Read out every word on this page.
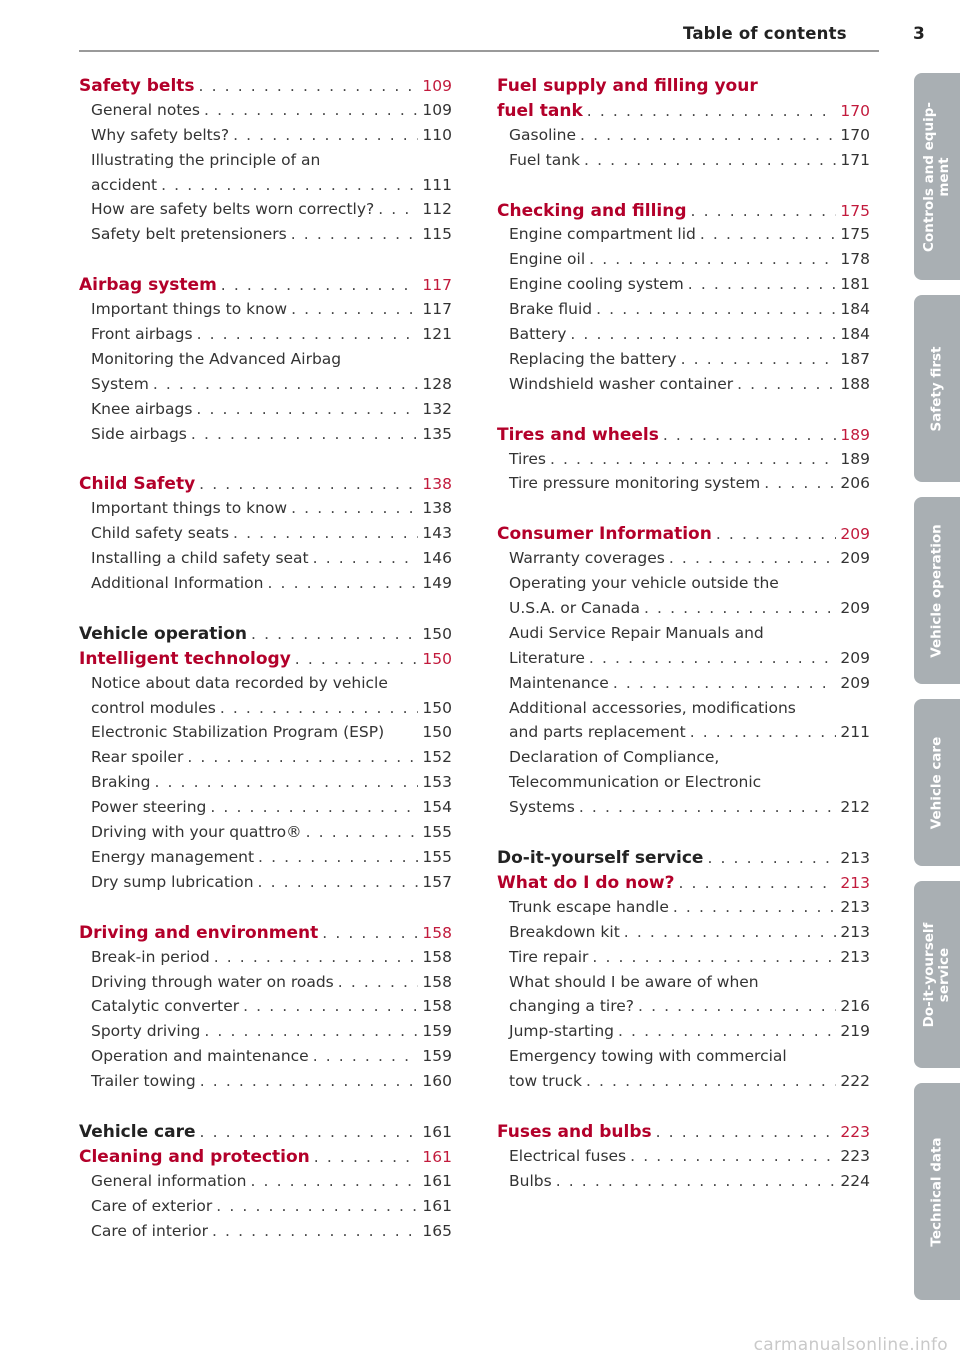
Table of contents	3
Safety belts . . .	109
General notes . . .	109
Why safety belts? . . .	110
Illustrating the principle of an
accident . . .	111
How are safety belts worn correctly? . . .	112
Safety belt pretensioners . . .	115
Airbag system . . .	117
Important things to know . . .	117
Front airbags . . .	121
Monitoring the Advanced Airbag
System . . .	128
Knee airbags . . .	132
Side airbags . . .	135
Child Safety . . .	138
Important things to know . . .	138
Child safety seats . . .	143
Installing a child safety seat . . .	146
Additional Information . . .	149
Vehicle operation . . .	150
Intelligent technology . . .	150
Notice about data recorded by vehicle
control modules . . .	150
Electronic Stabilization Program (ESP) 150
Rear spoiler . . .	152
Braking . . .	153
Power steering . . .	154
Driving with your quattro® . . .	155
Energy management . . .	155
Dry sump lubrication . . .	157
Driving and environment . . .	158
Break-in period . . .	158
Driving through water on roads . . .	158
Catalytic converter . . .	158
Sporty driving . . .	159
Operation and maintenance . . .	159
Trailer towing . . .	160
Vehicle care . . .	161
Cleaning and protection . . .	161
General information . . .	161
Care of exterior . . .	161
Care of interior . . .	165
Fuel supply and filling your
fuel tank . . .	170
Gasoline . . .	170
Fuel tank . . .	171
Checking and filling . . .	175
Engine compartment lid . . .	175
Engine oil . . .	178
Engine cooling system . . .	181
Brake fluid . . .	184
Battery . . .	184
Replacing the battery . . .	187
Windshield washer container . . .	188
Tires and wheels . . .	189
Tires . . .	189
Tire pressure monitoring system . . .	206
Consumer Information . . .	209
Warranty coverages . . .	209
Operating your vehicle outside the
U.S.A. or Canada . . .	209
Audi Service Repair Manuals and
Literature . . .	209
Maintenance . . .	209
Additional accessories, modifications
and parts replacement . . .	211
Declaration of Compliance,
Telecommunication or Electronic
Systems . . .	212
Do-it-yourself service . . .	213
What do I do now? . . .	213
Trunk escape handle . . .	213
Breakdown kit . . .	213
Tire repair . . .	213
What should I be aware of when
changing a tire? . . .	216
Jump-starting . . .	219
Emergency towing with commercial
tow truck . . .	222
Fuses and bulbs . . .	223
Electrical fuses . . .	223
Bulbs . . .	224
Controls and equip- ment
Safety first
Vehicle operation
Vehicle care
Do-it-yourself service
Technical data
carmanualsonline.info
